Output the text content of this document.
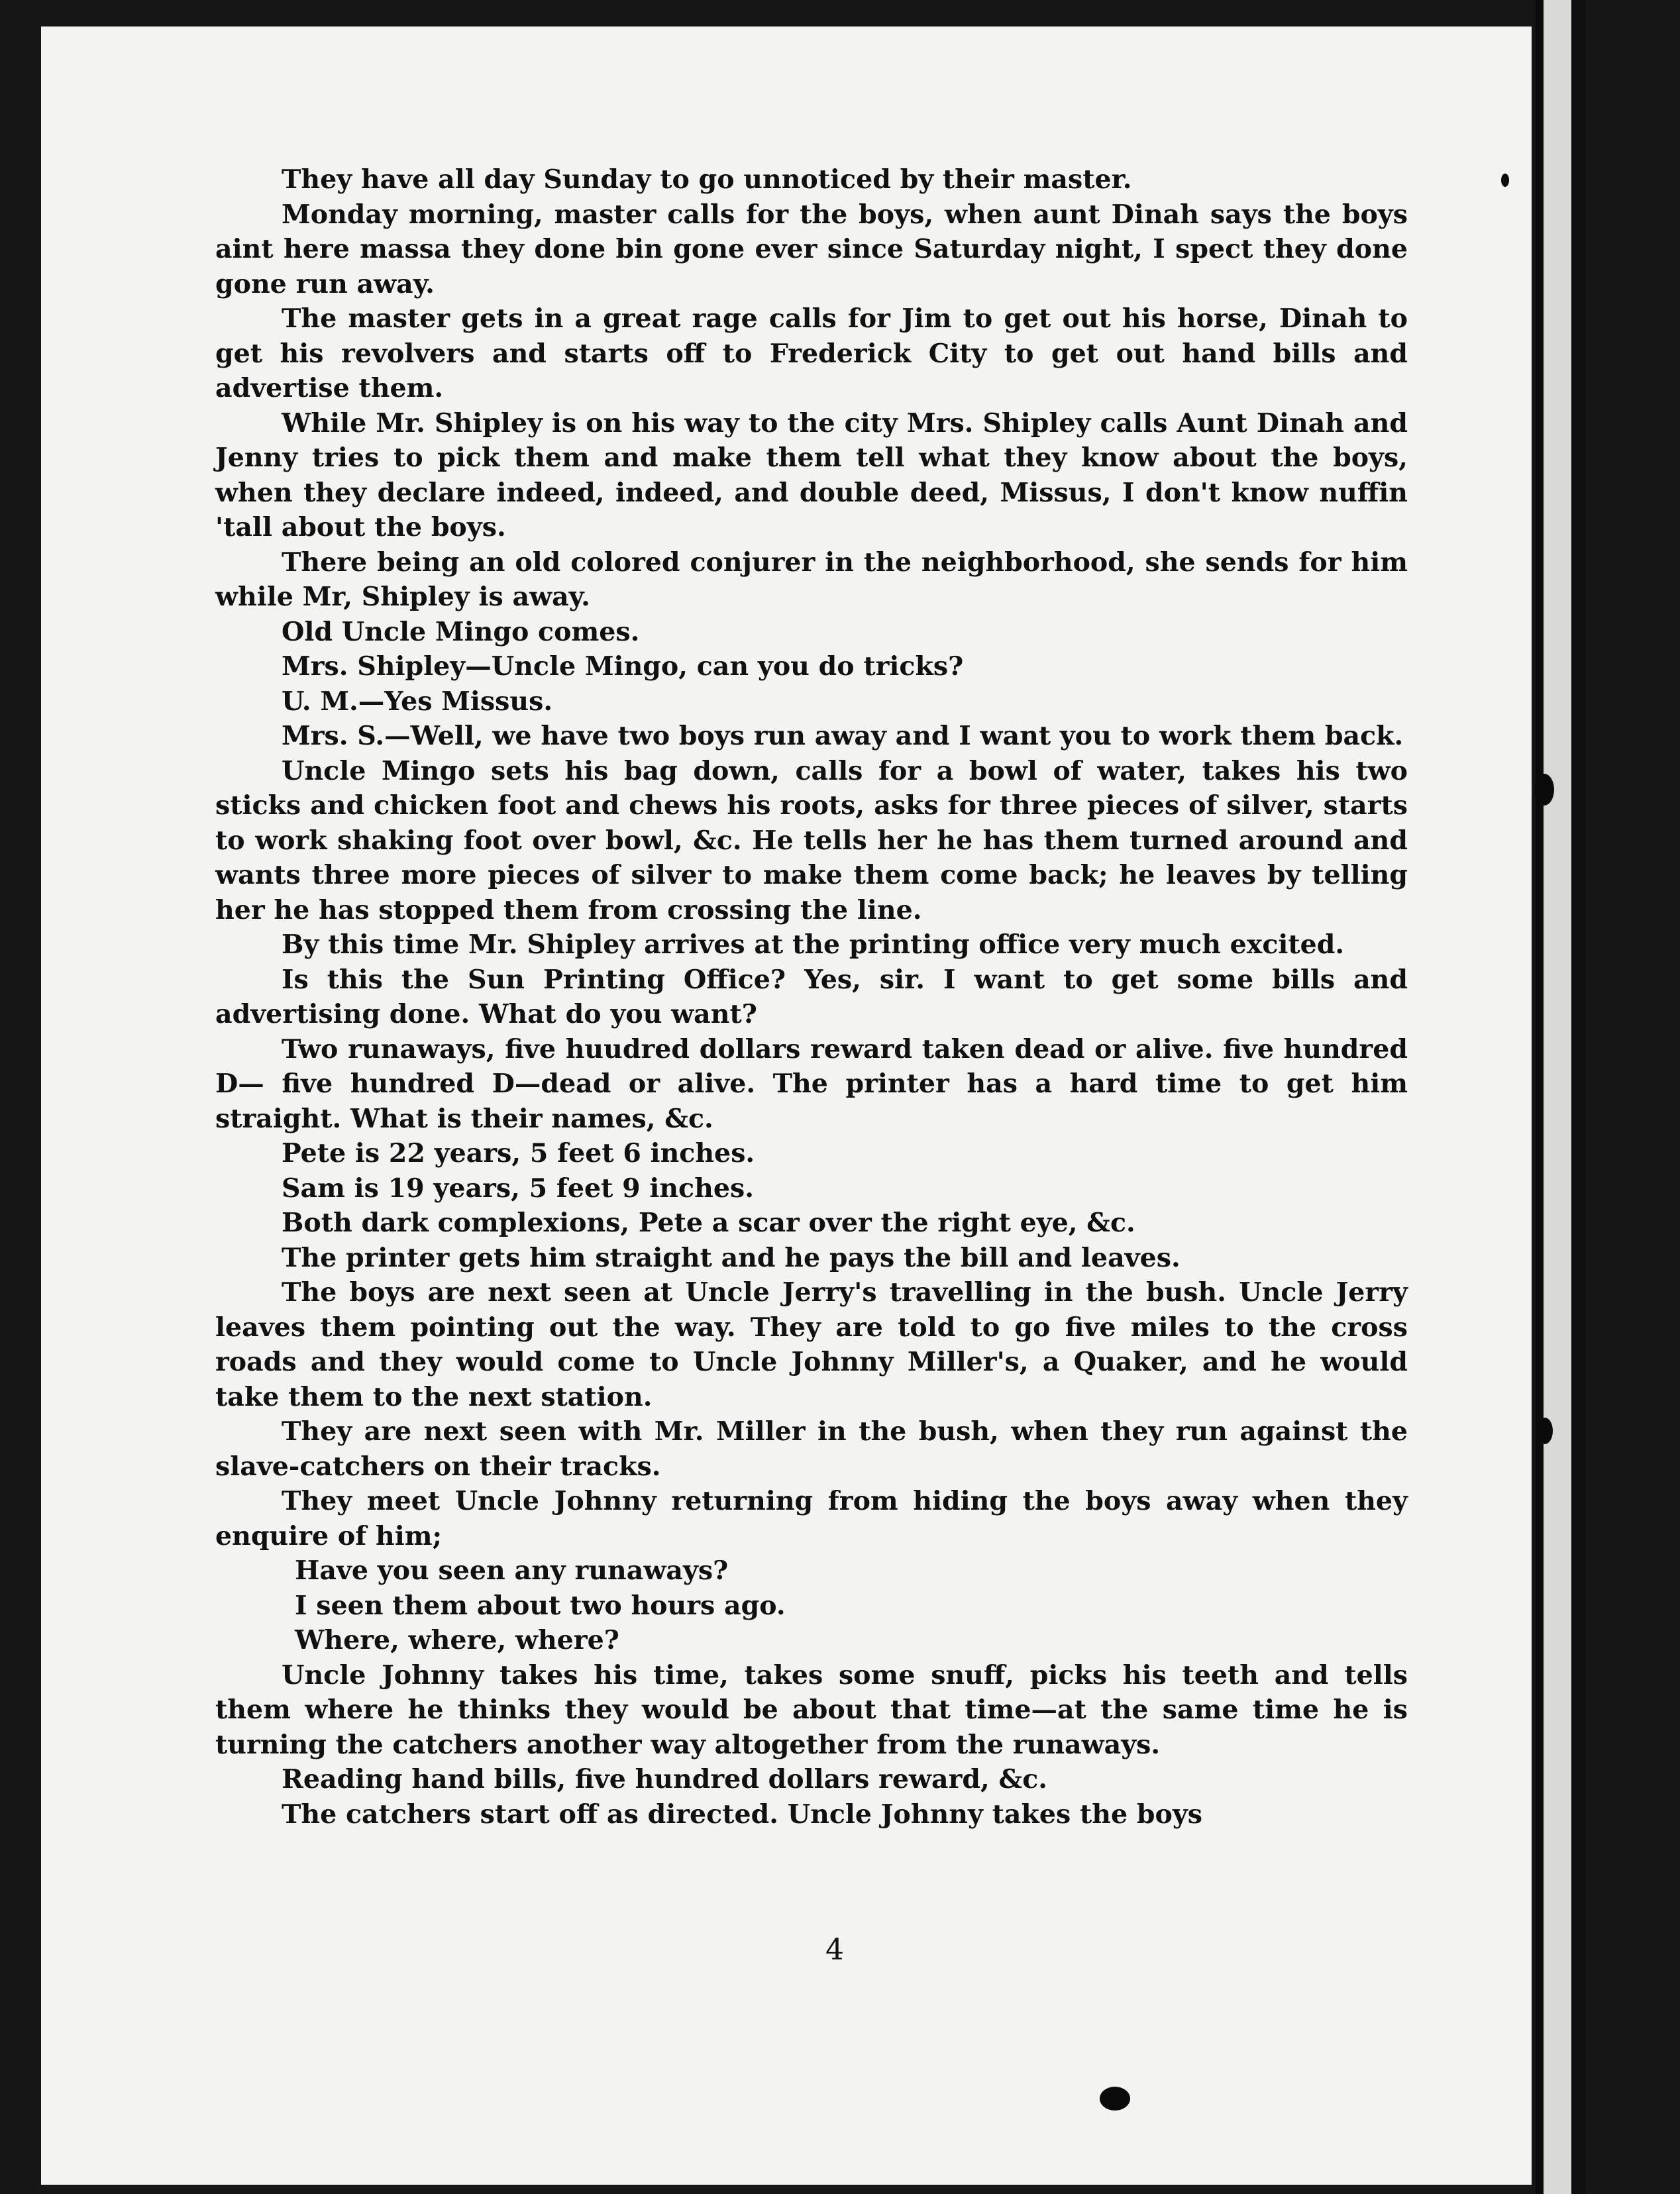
They have all day Sunday to go unnoticed by their master.

Monday morning, master calls for the boys, when aunt Dinah says the boys aint here massa they done bin gone ever since Saturday night, I spect they done gone run away.

The master gets in a great rage calls for Jim to get out his horse, Dinah to get his revolvers and starts off to Frederick City to get out hand bills and advertise them.

While Mr. Shipley is on his way to the city Mrs. Shipley calls Aunt Dinah and Jenny tries to pick them and make them tell what they know about the boys, when they declare indeed, indeed, and double deed, Missus, I don't know nuffin 'tall about the boys.

There being an old colored conjurer in the neighborhood, she sends for him while Mr, Shipley is away.

Old Uncle Mingo comes.

Mrs. Shipley—Uncle Mingo, can you do tricks?

U. M.—Yes Missus.

Mrs. S.—Well, we have two boys run away and I want you to work them back.

Uncle Mingo sets his bag down, calls for a bowl of water, takes his two sticks and chicken foot and chews his roots, asks for three pieces of silver, starts to work shaking foot over bowl, &c. He tells her he has them turned around and wants three more pieces of silver to make them come back; he leaves by telling her he has stopped them from crossing the line.

By this time Mr. Shipley arrives at the printing office very much excited.

Is this the Sun Printing Office? Yes, sir. I want to get some bills and advertising done. What do you want?

Two runaways, five huudred dollars reward taken dead or alive. five hundred D— five hundred D—dead or alive. The printer has a hard time to get him straight. What is their names, &c.

Pete is 22 years, 5 feet 6 inches.

Sam is 19 years, 5 feet 9 inches.

Both dark complexions, Pete a scar over the right eye, &c.

The printer gets him straight and he pays the bill and leaves.

The boys are next seen at Uncle Jerry's travelling in the bush. Uncle Jerry leaves them pointing out the way. They are told to go five miles to the cross roads and they would come to Uncle Johnny Miller's, a Quaker, and he would take them to the next station.

They are next seen with Mr. Miller in the bush, when they run against the slave-catchers on their tracks.

They meet Uncle Johnny returning from hiding the boys away when they enquire of him;

Have you seen any runaways?

I seen them about two hours ago.

Where, where, where?

Uncle Johnny takes his time, takes some snuff, picks his teeth and tells them where he thinks they would be about that time—at the same time he is turning the catchers another way altogether from the runaways.

Reading hand bills, five hundred dollars reward, &c.

The catchers start off as directed. Uncle Johnny takes the boys

4
